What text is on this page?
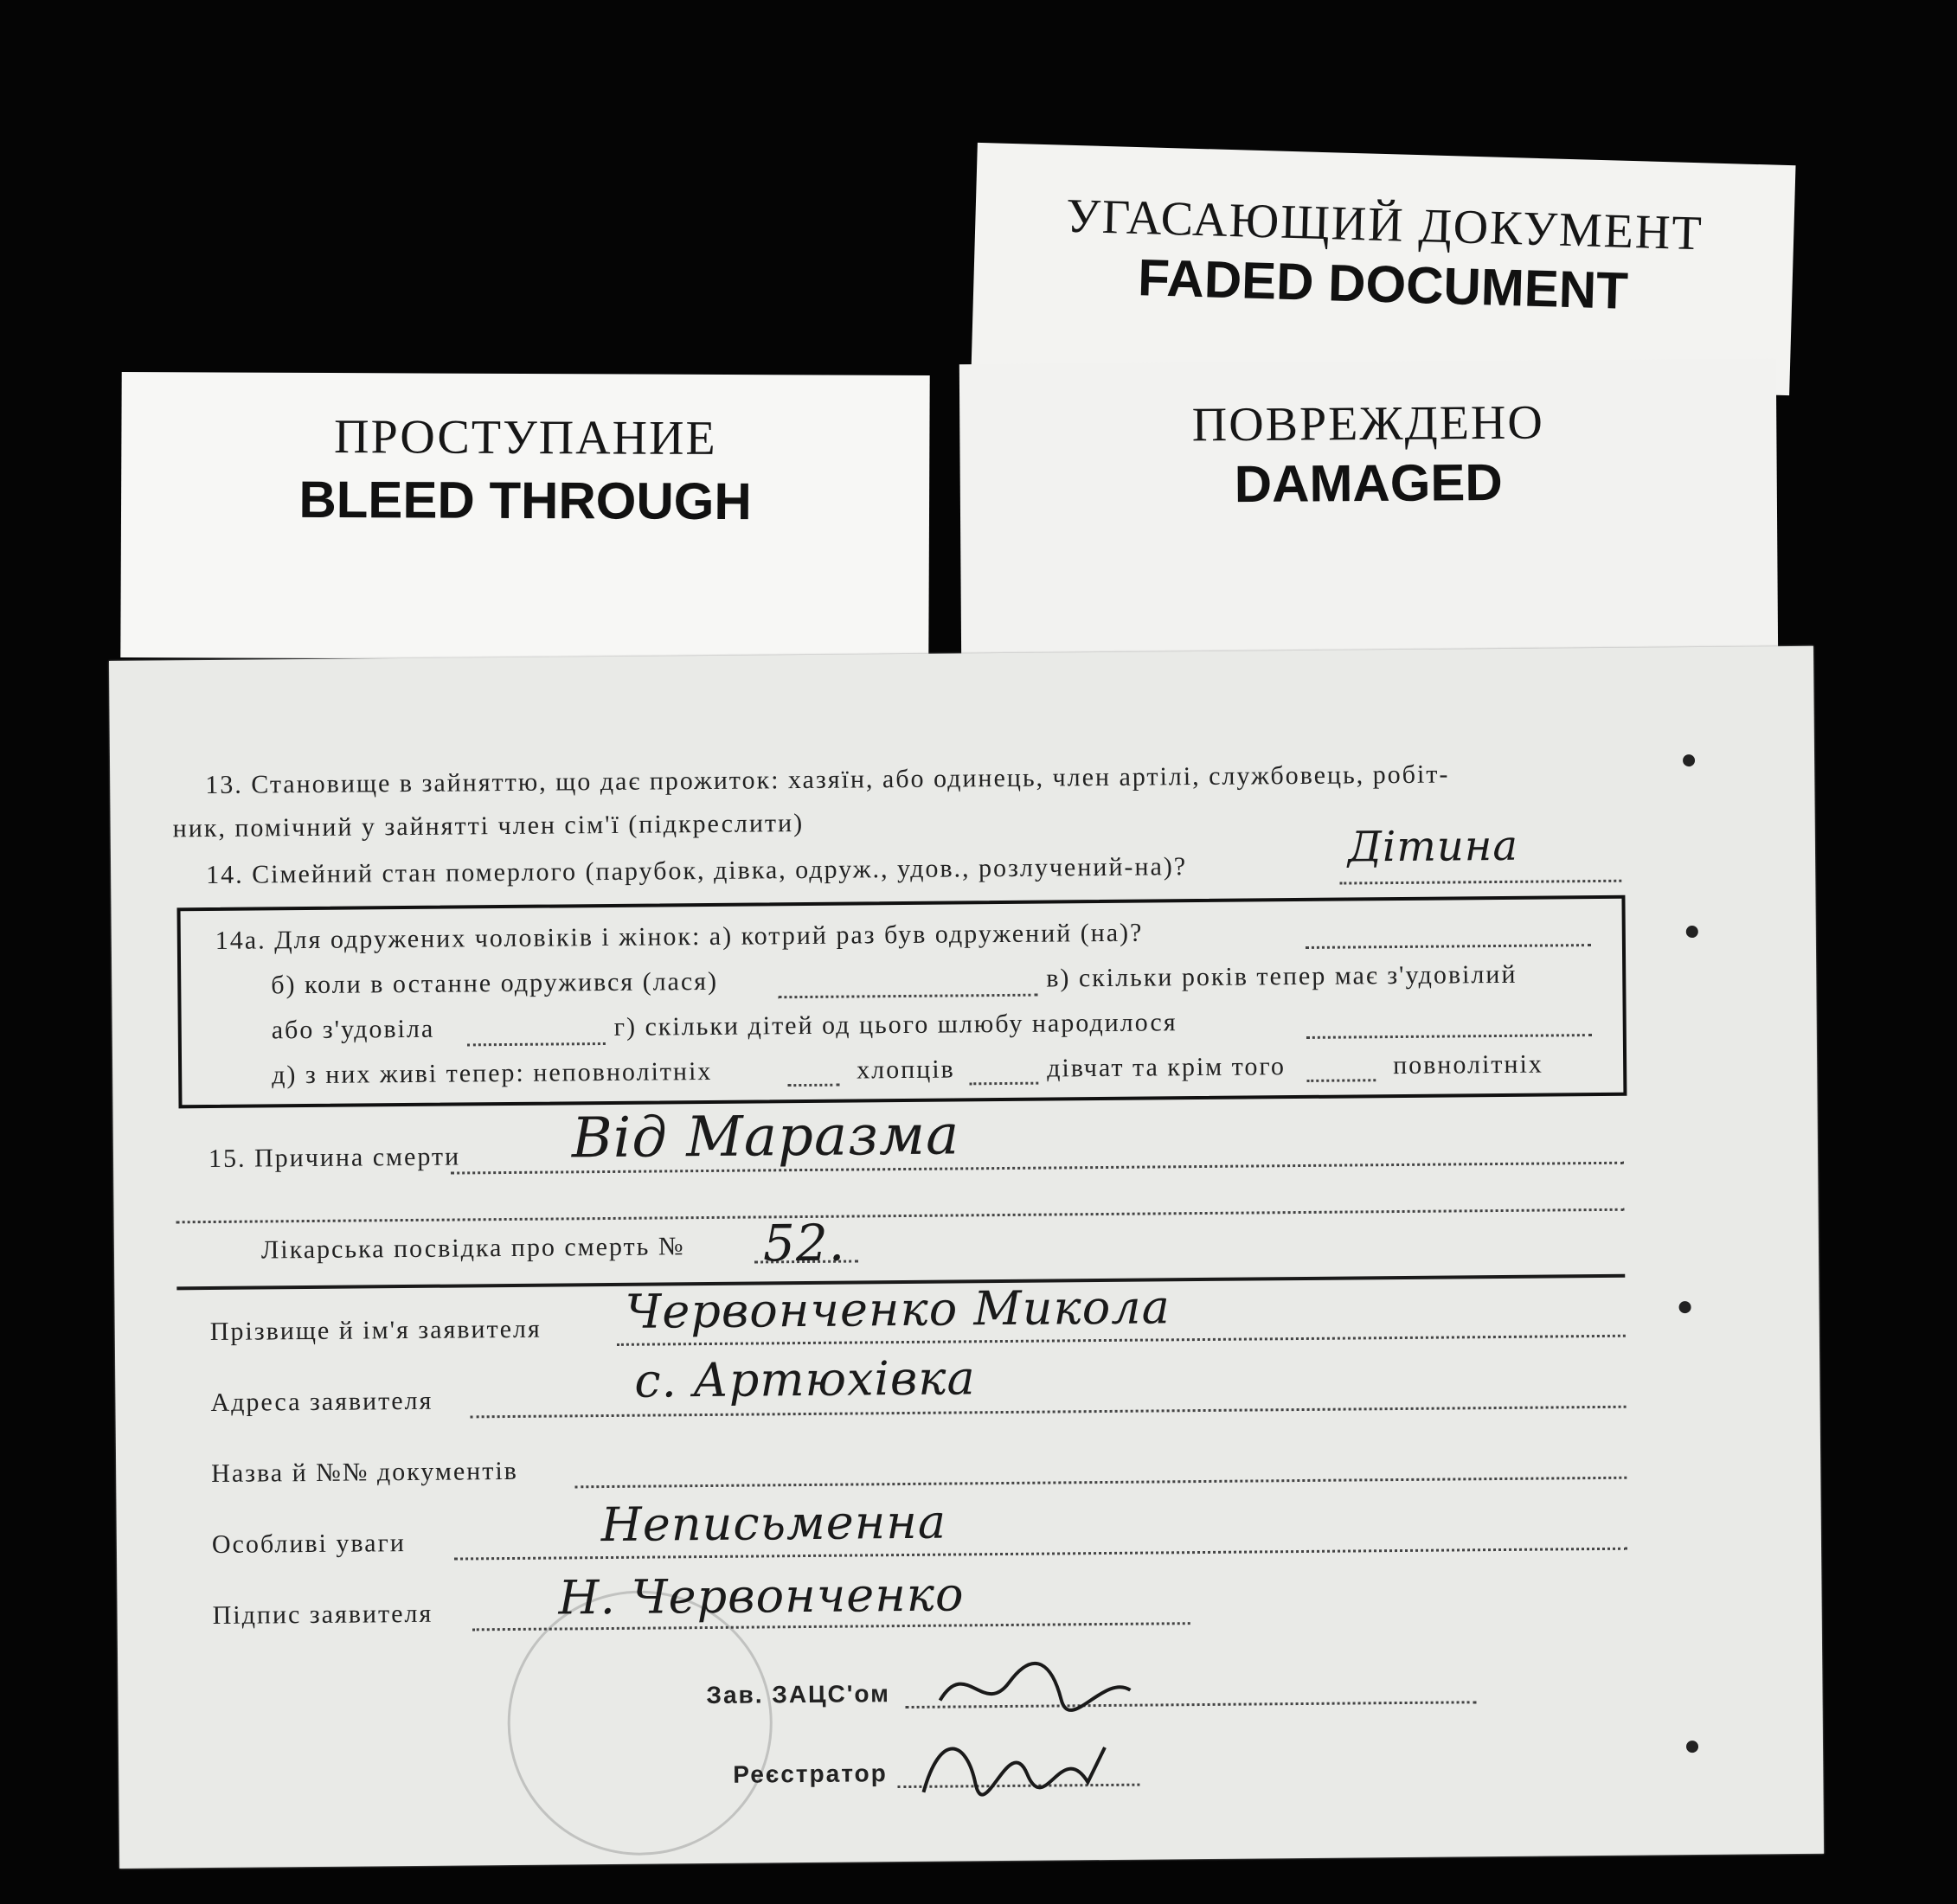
ПРОСТУПАНИЕ
BLEED THROUGH
УГАСАЮЩИЙ ДОКУМЕНТ
FADED DOCUMENT
ПОВРЕЖДЕНО
DAMAGED
13. Становище в зайняттю, що дає прожиток: хазяїн, або одинець, член артілі, службовець, робіт-
ник, помічний у зайнятті член сім'ї (підкреслити)
14. Сімейний стан померлого (парубок, дівка, одруж., удов., розлучений-на)?	Дітина
14а. Для одружених чоловіків і жінок: а) котрий раз був одружений (на)?
б) коли в останне одружився (лася)	в) скільки років тепер має з'удовілий
або з'удовіла	г) скільки дітей од цього шлюбу народилося
д) з них живі тепер: неповнолітніх	хлопців	дівчат та крім того	повнолітніх
15. Причина смерти Від Маразма
Лікарська посвідка про смерть № 52.
Прізвище й ім'я заявителя Червонченко Микола
Адреса заявителя	с. Артюхівка
Назва й №№ документів
Особливі уваги	Неписьменна
Підпис заявителя	Н. Червонченко
Зав. ЗАЦС'ом
Реєстратор
